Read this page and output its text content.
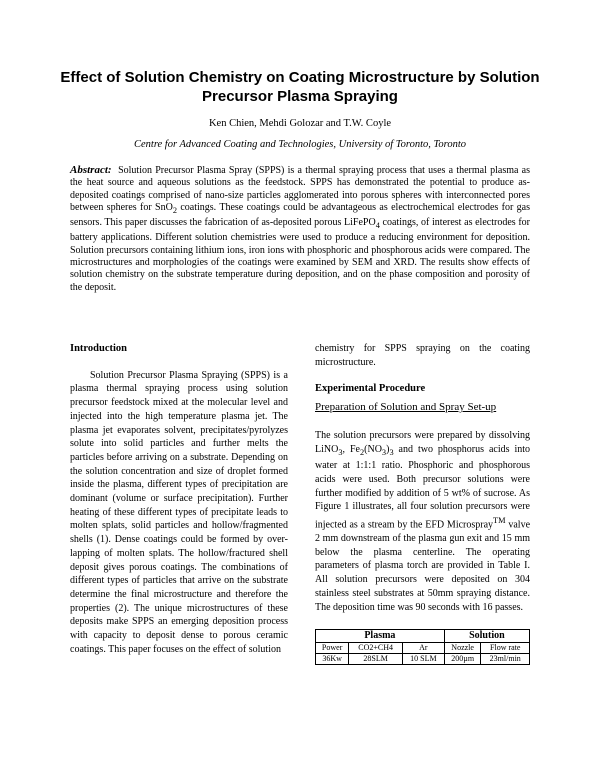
Effect of Solution Chemistry on Coating Microstructure by Solution Precursor Plasma Spraying

Ken Chien, Mehdi Golozar and T.W. Coyle

Centre for Advanced Coating and Technologies, University of Toronto, Toronto

Abstract: Solution Precursor Plasma Spray (SPPS) is a thermal spraying process that uses a thermal plasma as the heat source and aqueous solutions as the feedstock. SPPS has demonstrated the potential to produce as-deposited coatings comprised of nano-size particles agglomerated into porous spheres with interconnected pores between spheres for SnO$_2$ coatings. These coatings could be advantageous as electrochemical electrodes for gas sensors. This paper discusses the fabrication of as-deposited porous LiFePO$_4$ coatings, of interest as electrodes for battery applications. Different solution chemistries were used to produce a reducing environment for deposition. Solution precursors containing lithium ions, iron ions with phosphoric and phosphorous acids were compared. The microstructures and morphologies of the coatings were examined by SEM and XRD. The results show effects of solution chemistry on the substrate temperature during deposition, and on the phase composition and porosity of the deposit.

Introduction

Solution Precursor Plasma Spraying (SPPS) is a plasma thermal spraying process using solution precursor feedstock mixed at the molecular level and injected into the high temperature plasma jet. The plasma jet evaporates solvent, precipitates/pyrolyzes solute into solid particles and further melts the particles before arriving on a substrate. Depending on the solution concentration and size of droplet formed inside the plasma, different types of precipitation are dominant (volume or surface precipitation). Further heating of these different types of precipitate leads to molten splats, solid particles and hollow/fragmented shells (1). Dense coatings could be formed by over-lapping of molten splats. The hollow/fractured shell deposit gives porous coatings. The combinations of different types of particles that arrive on the substrate determine the final microstructure and therefore the properties (2). The unique microstructures of these deposits make SPPS an emerging deposition process with capacity to deposit dense to porous ceramic coatings. This paper focuses on the effect of solution

chemistry for SPPS spraying on the coating microstructure.

Experimental Procedure

Preparation of Solution and Spray Set-up

The solution precursors were prepared by dissolving LiNO$_3$, $Fe_2(NO_3)_3$ and two phosphorus acids into water at 1:1:1 ratio. Phosphoric and phosphorous acids were used. Both precursor solutions were further modified by addition of 5 wt% of sucrose. As Figure 1 illustrates, all four solution precursors were injected as a stream by the EFD Microspray™ valve 2 mm downstream of the plasma gun exit and 15 mm below the plasma centerline. The operating parameters of plasma torch are provided in Table I. All solution precursors were deposited on 304 stainless steel substrates at 50mm spraying distance. The deposition time was 90 seconds with 16 passes.

Plasma			Solution	
Power	CO2+CH4	Ar	Nozzle	Flow rate
36Kw	28SLM	10 SLM	200µm	23ml/min
